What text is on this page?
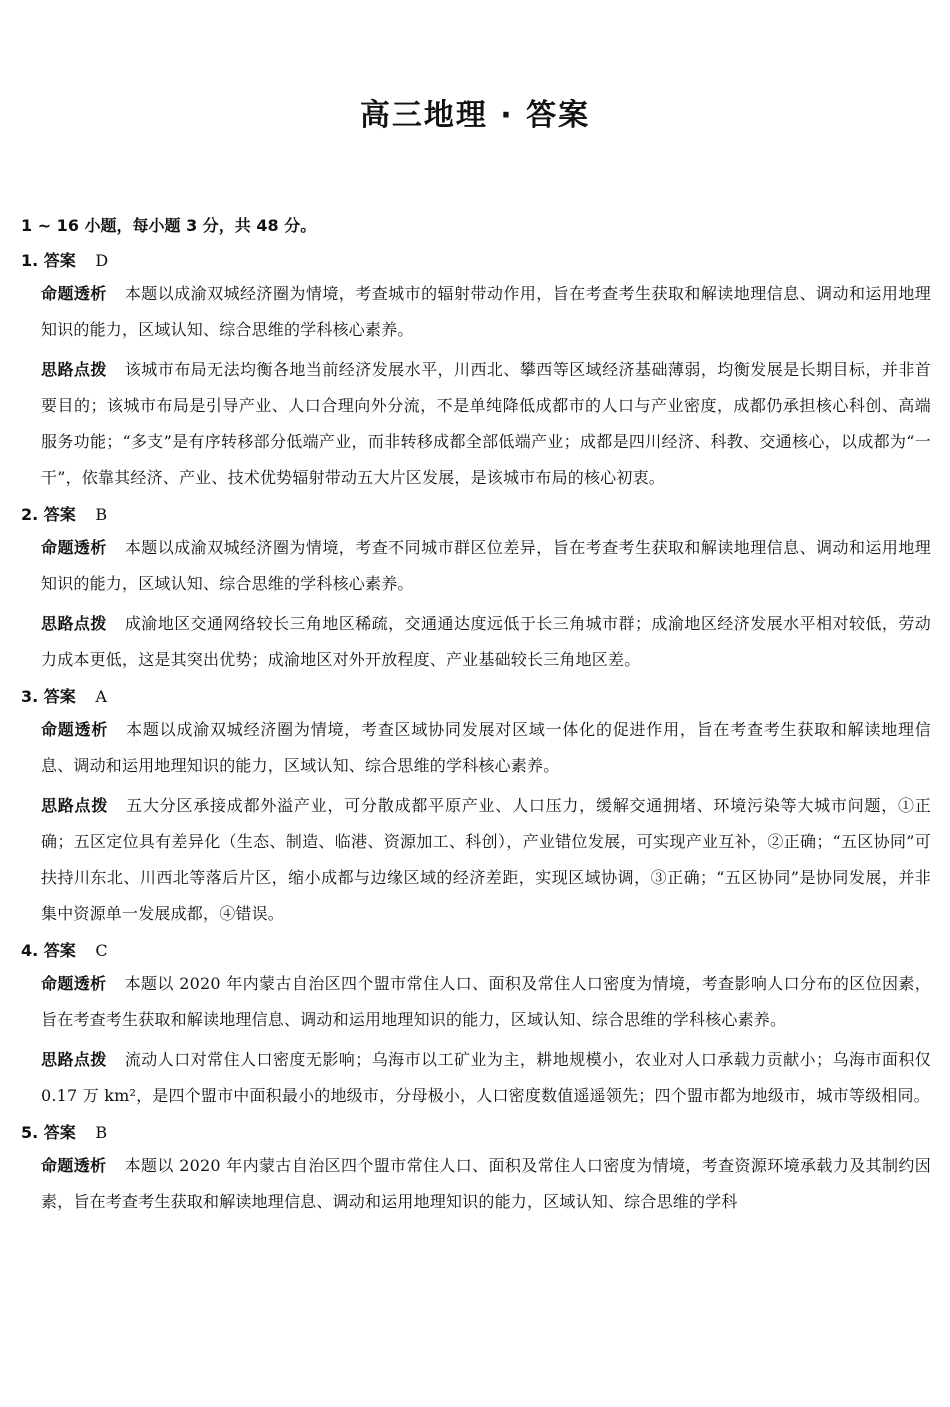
高三地理 · 答案
1 ~ 16 小题，每小题 3 分，共 48 分。
1. 答案 D

命题透析 本题以成渝双城经济圈为情境，考查城市的辐射带动作用，旨在考查考生获取和解读地理信息、调动和运用地理知识的能力，区域认知、综合思维的学科核心素养。

思路点拨 该城市布局无法均衡各地当前经济发展水平，川西北、攀西等区域经济基础薄弱，均衡发展是长期目标，并非首要目的；该城市布局是引导产业、人口合理向外分流，不是单纯降低成都市的人口与产业密度，成都仍承担核心科创、高端服务功能；“多支”是有序转移部分低端产业，而非转移成都全部低端产业；成都是四川经济、科教、交通核心，以成都为“一干”，依靠其经济、产业、技术优势辐射带动五大片区发展，是该城市布局的核心初衷。

2. 答案 B

命题透析 本题以成渝双城经济圈为情境，考查不同城市群区位差异，旨在考查考生获取和解读地理信息、调动和运用地理知识的能力，区域认知、综合思维的学科核心素养。

思路点拨 成渝地区交通网络较长三角地区稀疏，交通通达度远低于长三角城市群；成渝地区经济发展水平相对较低，劳动力成本更低，这是其突出优势；成渝地区对外开放程度、产业基础较长三角地区差。

3. 答案 A

命题透析 本题以成渝双城经济圈为情境，考查区域协同发展对区域一体化的促进作用，旨在考查考生获取和解读地理信息、调动和运用地理知识的能力，区域认知、综合思维的学科核心素养。

思路点拨 五大分区承接成都外溢产业，可分散成都平原产业、人口压力，缓解交通拥堵、环境污染等大城市问题，①正确；五区定位具有差异化（生态、制造、临港、资源加工、科创），产业错位发展，可实现产业互补，②正确；“五区协同”可扶持川东北、川西北等落后片区，缩小成都与边缘区域的经济差距，实现区域协调，③正确；“五区协同”是协同发展，并非集中资源单一发展成都，④错误。

4. 答案 C

命题透析 本题以 2020 年内蒙古自治区四个盟市常住人口、面积及常住人口密度为情境，考查影响人口分布的区位因素，旨在考查考生获取和解读地理信息、调动和运用地理知识的能力，区域认知、综合思维的学科核心素养。

思路点拨 流动人口对常住人口密度无影响；乌海市以工矿业为主，耕地规模小，农业对人口承载力贡献小；乌海市面积仅 0.17 万 km²，是四个盟市中面积最小的地级市，分母极小，人口密度数值遥遥领先；四个盟市都为地级市，城市等级相同。

5. 答案 B

命题透析 本题以 2020 年内蒙古自治区四个盟市常住人口、面积及常住人口密度为情境，考查资源环境承载力及其制约因素，旨在考查考生获取和解读地理信息、调动和运用地理知识的能力，区域认知、综合思维的学科
